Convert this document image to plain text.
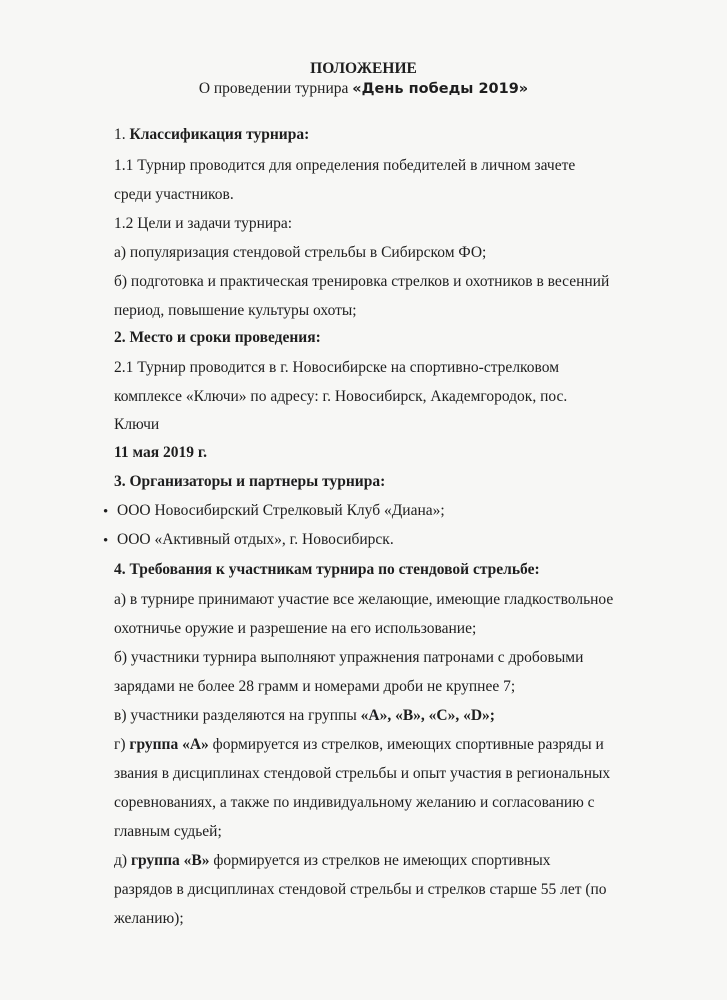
ПОЛОЖЕНИЕ
О проведении турнира «День победы 2019»
1. Классификация турнира:
1.1 Турнир проводится для определения победителей в личном зачете
среди участников.
1.2 Цели и задачи турнира:
а) популяризация стендовой стрельбы в Сибирском ФО;
б) подготовка и практическая тренировка стрелков и охотников в весенний
период, повышение культуры охоты;
2. Место и сроки проведения:
2.1 Турнир проводится в г. Новосибирске на спортивно-стрелковом
комплексе «Ключи» по адресу: г. Новосибирск, Академгородок, пос.
Ключи
11 мая 2019 г.
3. Организаторы и партнеры турнира:
• ООО Новосибирский Стрелковый Клуб «Диана»;
• ООО «Активный отдых», г. Новосибирск.
4. Требования к участникам турнира по стендовой стрельбе:
а) в турнире принимают участие все желающие, имеющие гладкоствольное
охотничье оружие и разрешение на его использование;
б) участники турнира выполняют упражнения патронами с дробовыми
зарядами не более 28 грамм и номерами дроби не крупнее 7;
в) участники разделяются на группы «А», «В», «С», «D»;
г) группа «А» формируется из стрелков, имеющих спортивные разряды и
звания в дисциплинах стендовой стрельбы и опыт участия в региональных
соревнованиях, а также по индивидуальному желанию и согласованию с
главным судьей;
д) группа «В» формируется из стрелков не имеющих спортивных
разрядов в дисциплинах стендовой стрельбы и стрелков старше 55 лет (по
желанию);
